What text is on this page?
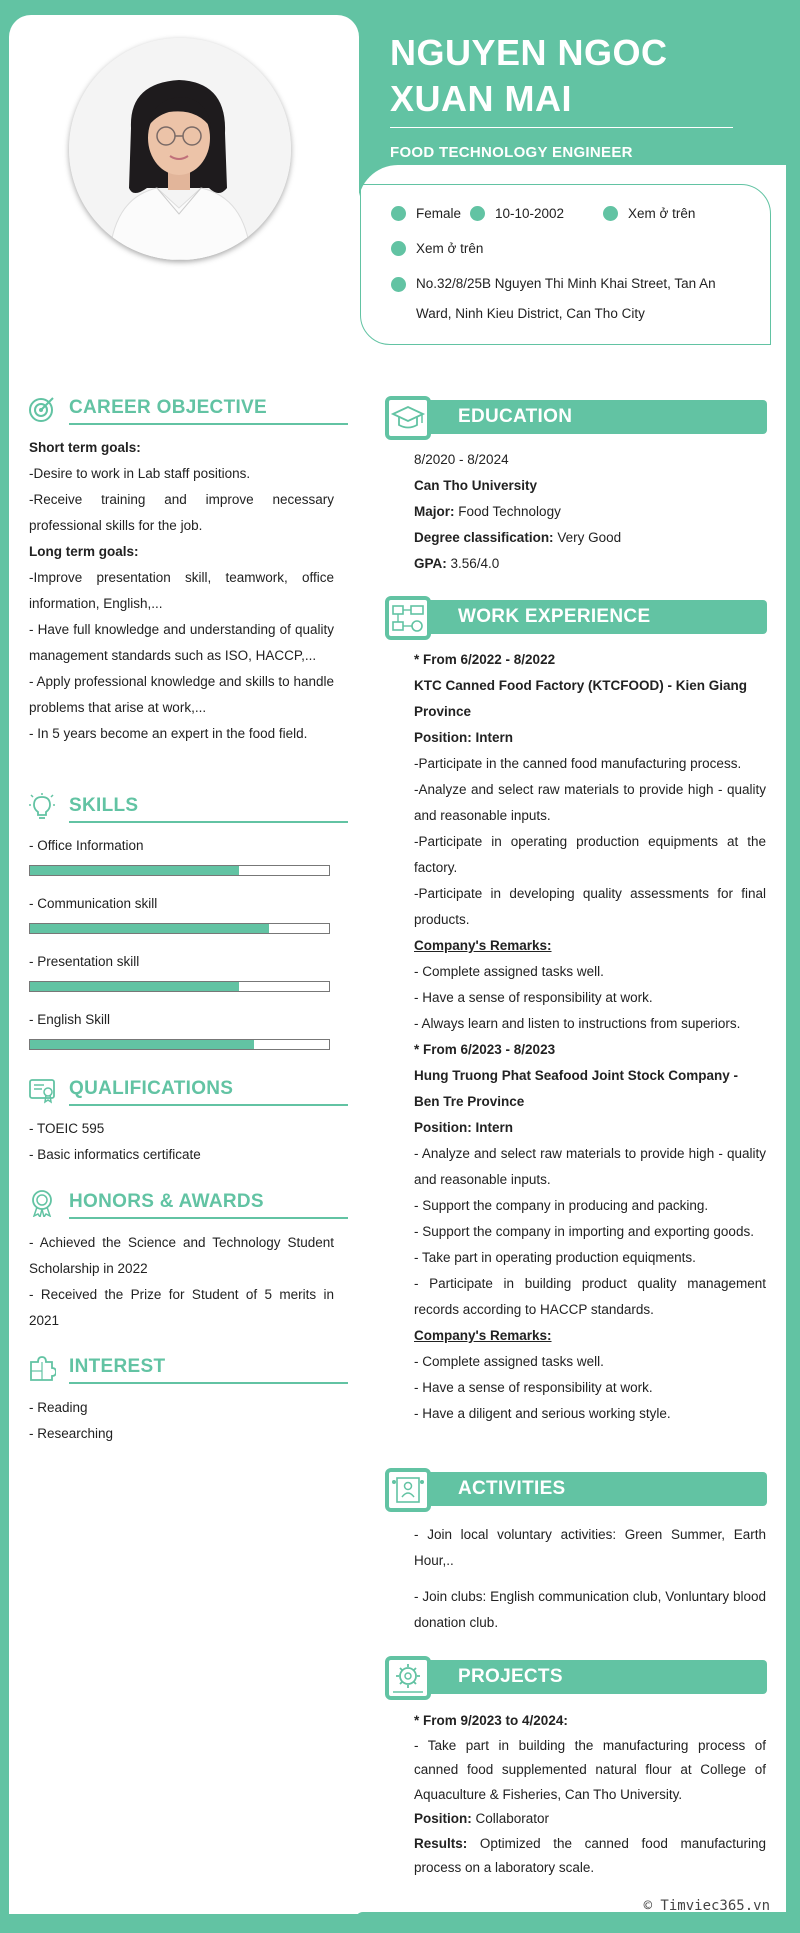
NGUYEN NGOC
XUAN MAI
FOOD TECHNOLOGY ENGINEER
Female	10-10-2002	Xem ở trên
Xem ở trên
No.32/8/25B Nguyen Thi Minh Khai Street, Tan An
Ward, Ninh Kieu District, Can Tho City
CAREER OBJECTIVE

Short term goals:

-Desire to work in Lab staff positions.

-Receive training and improve necessary professional skills for the job.

Long term goals:

-Improve presentation skill, teamwork, office information, English,...

- Have full knowledge and understanding of quality management standards such as ISO, HACCP,...

- Apply professional knowledge and skills to handle problems that arise at work,...

- In 5 years become an expert in the food field.

SKILLS
- Office Information
- Communication skill
- Presentation skill
- English Skill
QUALIFICATIONS

- TOEIC 595

- Basic informatics certificate

HONORS & AWARDS

- Achieved the Science and Technology Student Scholarship in 2022

- Received the Prize for Student of 5 merits in 2021

INTEREST

- Reading

- Researching

EDUCATION

8/2020 - 8/2024

Can Tho University

Major: Food Technology

Degree classification: Very Good

GPA: 3.56/4.0

WORK EXPERIENCE

* From 6/2022 - 8/2022

KTC Canned Food Factory (KTCFOOD) - Kien Giang Province

Position: Intern

-Participate in the canned food manufacturing process.

-Analyze and select raw materials to provide high - quality and reasonable inputs.

-Participate in operating production equipments at the factory.

-Participate in developing quality assessments for final products.

Company's Remarks:

- Complete assigned tasks well.

- Have a sense of responsibility at work.

- Always learn and listen to instructions from superiors.

* From 6/2023 - 8/2023

Hung Truong Phat Seafood Joint Stock Company - Ben Tre Province

Position: Intern

- Analyze and select raw materials to provide high - quality and reasonable inputs.

- Support the company in producing and packing.

- Support the company in importing and exporting goods.

- Take part in operating production equiqments.

- Participate in building product quality management records according to HACCP standards.

Company's Remarks:

- Complete assigned tasks well.

- Have a sense of responsibility at work.

- Have a diligent and serious working style.

ACTIVITIES

- Join local voluntary activities: Green Summer, Earth Hour,..

- Join clubs: English communication club, Vonluntary blood donation club.

PROJECTS

* From 9/2023 to 4/2024:

- Take part in building the manufacturing process of canned food supplemented natural flour at College of Aquaculture & Fisheries, Can Tho University.

Position: Collaborator

Results: Optimized the canned food manufacturing process on a laboratory scale.

© Timviec365.vn
